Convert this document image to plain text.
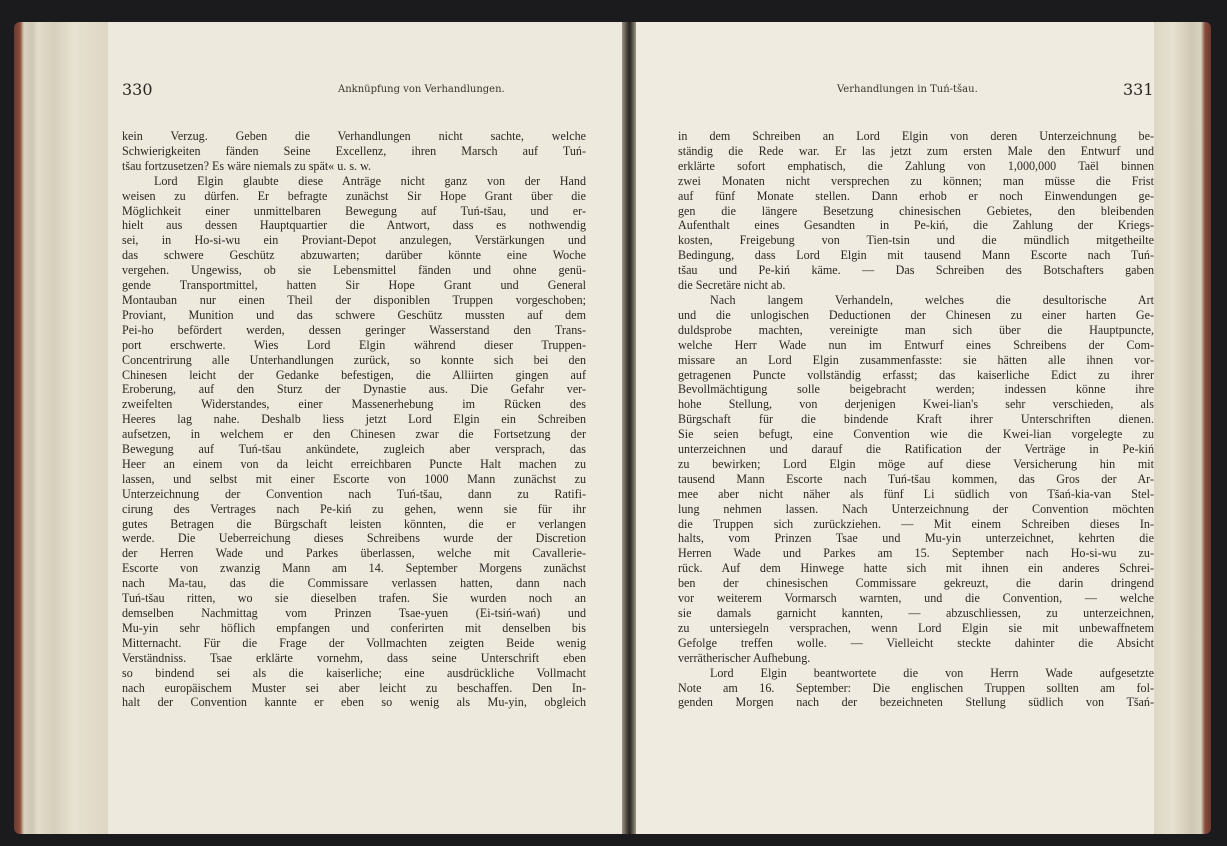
330	Anknüpfung von Verhandlungen.	Verhandlungen in Tuń-tšau.	331
kein Verzug. Geben die Verhandlungen nicht sachte, welche
Schwierigkeiten fänden Seine Excellenz, ihren Marsch auf Tuń-
tšau fortzusetzen? Es wäre niemals zu spät« u. s. w.
Lord Elgin glaubte diese Anträge nicht ganz von der Hand
weisen zu dürfen. Er befragte zunächst Sir Hope Grant über die
Möglichkeit einer unmittelbaren Bewegung auf Tuń-tšau, und er-
hielt aus dessen Hauptquartier die Antwort, dass es nothwendig
sei, in Ho-si-wu ein Proviant-Depot anzulegen, Verstärkungen und
das schwere Geschütz abzuwarten; darüber könnte eine Woche
vergehen. Ungewiss, ob sie Lebensmittel fänden und ohne genü-
gende Transportmittel, hatten Sir Hope Grant und General
Montauban nur einen Theil der disponiblen Truppen vorgeschoben;
Proviant, Munition und das schwere Geschütz mussten auf dem
Pei-ho befördert werden, dessen geringer Wasserstand den Trans-
port erschwerte. Wies Lord Elgin während dieser Truppen-
Concentrirung alle Unterhandlungen zurück, so konnte sich bei den
Chinesen leicht der Gedanke befestigen, die Alliirten gingen auf
Eroberung, auf den Sturz der Dynastie aus. Die Gefahr ver-
zweifelten Widerstandes, einer Massenerhebung im Rücken des
Heeres lag nahe. Deshalb liess jetzt Lord Elgin ein Schreiben
aufsetzen, in welchem er den Chinesen zwar die Fortsetzung der
Bewegung auf Tuń-tšau ankündete, zugleich aber versprach, das
Heer an einem von da leicht erreichbaren Puncte Halt machen zu
lassen, und selbst mit einer Escorte von 1000 Mann zunächst zu
Unterzeichnung der Convention nach Tuń-tšau, dann zu Ratifi-
cirung des Vertrages nach Pe-kiń zu gehen, wenn sie für ihr
gutes Betragen die Bürgschaft leisten könnten, die er verlangen
werde. Die Ueberreichung dieses Schreibens wurde der Discretion
der Herren Wade und Parkes überlassen, welche mit Cavallerie-
Escorte von zwanzig Mann am 14. September Morgens zunächst
nach Ma-tau, das die Commissare verlassen hatten, dann nach
Tuń-tšau ritten, wo sie dieselben trafen. Sie wurden noch an
demselben Nachmittag vom Prinzen Tsae-yuen (Ei-tsiń-wań) und
Mu-yin sehr höflich empfangen und conferirten mit denselben bis
Mitternacht. Für die Frage der Vollmachten zeigten Beide wenig
Verständniss. Tsae erklärte vornehm, dass seine Unterschrift eben
so bindend sei als die kaiserliche; eine ausdrückliche Vollmacht
nach europäischem Muster sei aber leicht zu beschaffen. Den In-
halt der Convention kannte er eben so wenig als Mu-yin, obgleich
in dem Schreiben an Lord Elgin von deren Unterzeichnung be-
ständig die Rede war. Er las jetzt zum ersten Male den Entwurf und
erklärte sofort emphatisch, die Zahlung von 1,000,000 Taël binnen
zwei Monaten nicht versprechen zu können; man müsse die Frist
auf fünf Monate stellen. Dann erhob er noch Einwendungen ge-
gen die längere Besetzung chinesischen Gebietes, den bleibenden
Aufenthalt eines Gesandten in Pe-kiń, die Zahlung der Kriegs-
kosten, Freigebung von Tien-tsin und die mündlich mitgetheilte
Bedingung, dass Lord Elgin mit tausend Mann Escorte nach Tuń-
tšau und Pe-kiń käme. — Das Schreiben des Botschafters gaben
die Secretäre nicht ab.
Nach langem Verhandeln, welches die desultorische Art
und die unlogischen Deductionen der Chinesen zu einer harten Ge-
duldsprobe machten, vereinigte man sich über die Hauptpuncte,
welche Herr Wade nun im Entwurf eines Schreibens der Com-
missare an Lord Elgin zusammenfasste: sie hätten alle ihnen vor-
getragenen Puncte vollständig erfasst; das kaiserliche Edict zu ihrer
Bevollmächtigung solle beigebracht werden; indessen könne ihre
hohe Stellung, von derjenigen Kwei-lian's sehr verschieden, als
Bürgschaft für die bindende Kraft ihrer Unterschriften dienen.
Sie seien befugt, eine Convention wie die Kwei-lian vorgelegte zu
unterzeichnen und darauf die Ratification der Verträge in Pe-kiń
zu bewirken; Lord Elgin möge auf diese Versicherung hin mit
tausend Mann Escorte nach Tuń-tšau kommen, das Gros der Ar-
mee aber nicht näher als fünf Li südlich von Tšań-kia-van Stel-
lung nehmen lassen. Nach Unterzeichnung der Convention möchten
die Truppen sich zurückziehen. — Mit einem Schreiben dieses In-
halts, vom Prinzen Tsae und Mu-yin unterzeichnet, kehrten die
Herren Wade und Parkes am 15. September nach Ho-si-wu zu-
rück. Auf dem Hinwege hatte sich mit ihnen ein anderes Schrei-
ben der chinesischen Commissare gekreuzt, die darin dringend
vor weiterem Vormarsch warnten, und die Convention, — welche
sie damals garnicht kannten, — abzuschliessen, zu unterzeichnen,
zu untersiegeln versprachen, wenn Lord Elgin sie mit unbewaffnetem
Gefolge treffen wolle. — Vielleicht steckte dahinter die Absicht
verrätherischer Aufhebung.
Lord Elgin beantwortete die von Herrn Wade aufgesetzte
Note am 16. September: Die englischen Truppen sollten am fol-
genden Morgen nach der bezeichneten Stellung südlich von Tšań-
